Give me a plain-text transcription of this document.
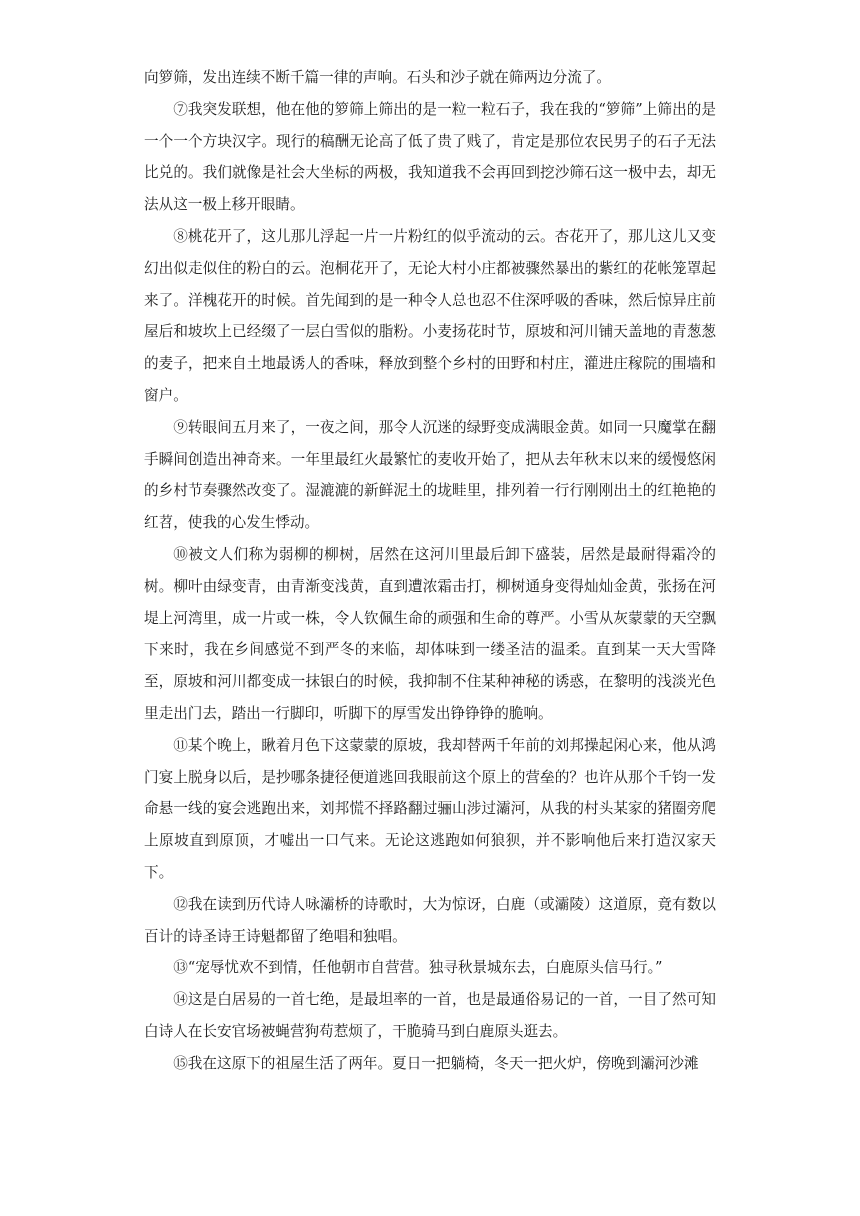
向箩筛，发出连续不断千篇一律的声响。石头和沙子就在筛两边分流了。

⑦我突发联想，他在他的箩筛上筛出的是一粒一粒石子，我在我的“箩筛”上筛出的是一个一个方块汉字。现行的稿酬无论高了低了贵了贱了，肯定是那位农民男子的石子无法比兑的。我们就像是社会大坐标的两极，我知道我不会再回到挖沙筛石这一极中去，却无法从这一极上移开眼睛。

⑧桃花开了，这儿那儿浮起一片一片粉红的似乎流动的云。杏花开了，那儿这儿又变幻出似走似住的粉白的云。泡桐花开了，无论大村小庄都被骤然暴出的紫红的花帐笼罩起来了。洋槐花开的时候。首先闻到的是一种令人总也忍不住深呼吸的香味，然后惊异庄前屋后和坡坎上已经缀了一层白雪似的脂粉。小麦扬花时节，原坡和河川铺天盖地的青葱葱的麦子，把来自土地最诱人的香味，释放到整个乡村的田野和村庄，灌进庄稼院的围墙和窗户。

⑨转眼间五月来了，一夜之间，那令人沉迷的绿野变成满眼金黄。如同一只魔掌在翻手瞬间创造出神奇来。一年里最红火最繁忙的麦收开始了，把从去年秋末以来的缓慢悠闲的乡村节奏骤然改变了。湿漉漉的新鲜泥土的垅畦里，排列着一行行刚刚出土的红艳艳的红苕，使我的心发生悸动。

⑩被文人们称为弱柳的柳树，居然在这河川里最后卸下盛装，居然是最耐得霜冷的树。柳叶由绿变青，由青渐变浅黄，直到遭浓霜击打，柳树通身变得灿灿金黄，张扬在河堤上河湾里，成一片或一株，令人钦佩生命的顽强和生命的尊严。小雪从灰蒙蒙的天空飘下来时，我在乡间感觉不到严冬的来临，却体味到一缕圣洁的温柔。直到某一天大雪降至，原坡和河川都变成一抹银白的时候，我抑制不住某种神秘的诱惑，在黎明的浅淡光色里走出门去，踏出一行脚印，听脚下的厚雪发出铮铮铮的脆响。

⑪某个晚上，瞅着月色下这蒙蒙的原坡，我却替两千年前的刘邦操起闲心来，他从鸿门宴上脱身以后，是抄哪条捷径便道逃回我眼前这个原上的营垒的？也许从那个千钧一发命悬一线的宴会逃跑出来，刘邦慌不择路翻过骊山涉过灞河，从我的村头某家的猪圈旁爬上原坡直到原顶，才嘘出一口气来。无论这逃跑如何狼狈，并不影响他后来打造汉家天下。

⑫我在读到历代诗人咏灞桥的诗歌时，大为惊讶，白鹿（或灞陵）这道原，竟有数以百计的诗圣诗王诗魁都留了绝唱和独唱。

⑬“宠辱忧欢不到情，任他朝市自营营。独寻秋景城东去，白鹿原头信马行。”

⑭这是白居易的一首七绝，是最坦率的一首，也是最通俗易记的一首，一目了然可知白诗人在长安官场被蝇营狗苟惹烦了，干脆骑马到白鹿原头逛去。

⑮我在这原下的祖屋生活了两年。夏日一把躺椅，冬天一把火炉，傍晚到灞河沙滩
